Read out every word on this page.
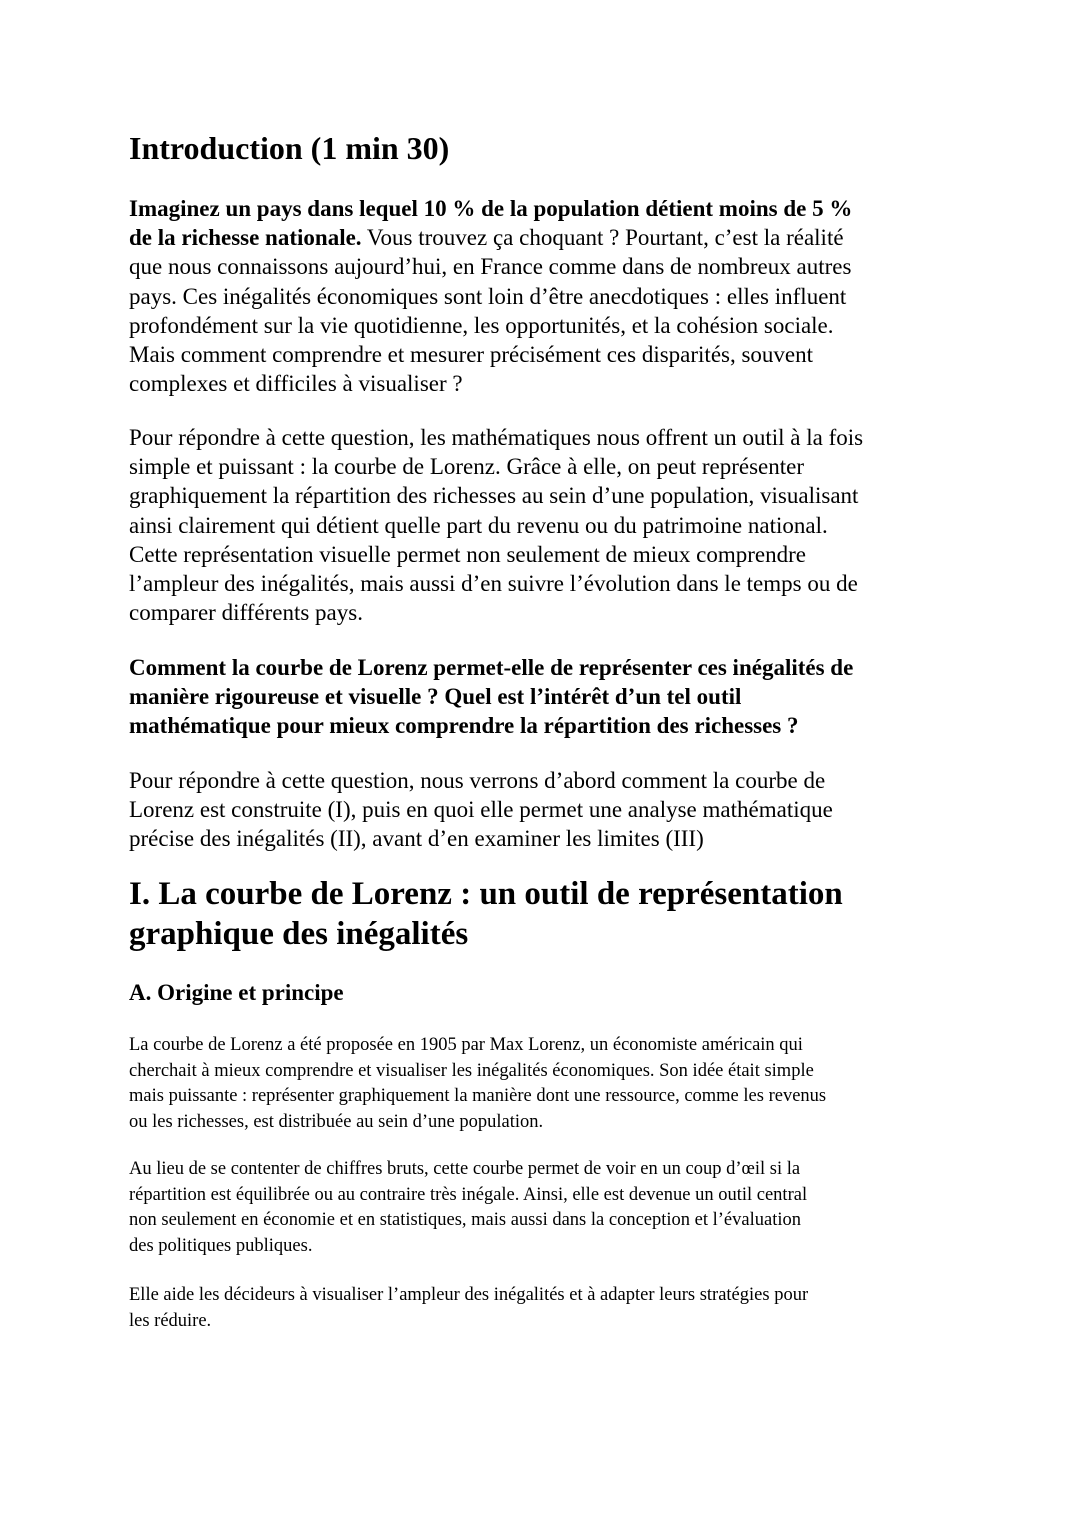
Introduction (1 min 30)

Imaginez un pays dans lequel 10 % de la population détient moins de 5 %
de la richesse nationale. Vous trouvez ça choquant ? Pourtant, c’est la réalité
que nous connaissons aujourd’hui, en France comme dans de nombreux autres
pays. Ces inégalités économiques sont loin d’être anecdotiques : elles influent
profondément sur la vie quotidienne, les opportunités, et la cohésion sociale.
Mais comment comprendre et mesurer précisément ces disparités, souvent
complexes et difficiles à visualiser ?

Pour répondre à cette question, les mathématiques nous offrent un outil à la fois
simple et puissant : la courbe de Lorenz. Grâce à elle, on peut représenter
graphiquement la répartition des richesses au sein d’une population, visualisant
ainsi clairement qui détient quelle part du revenu ou du patrimoine national.
Cette représentation visuelle permet non seulement de mieux comprendre
l’ampleur des inégalités, mais aussi d’en suivre l’évolution dans le temps ou de
comparer différents pays.

Comment la courbe de Lorenz permet-elle de représenter ces inégalités de
manière rigoureuse et visuelle ? Quel est l’intérêt d’un tel outil
mathématique pour mieux comprendre la répartition des richesses ?

Pour répondre à cette question, nous verrons d’abord comment la courbe de
Lorenz est construite (I), puis en quoi elle permet une analyse mathématique
précise des inégalités (II), avant d’en examiner les limites (III)

I. La courbe de Lorenz : un outil de représentation
graphique des inégalités
A. Origine et principe

La courbe de Lorenz a été proposée en 1905 par Max Lorenz, un économiste américain qui
cherchait à mieux comprendre et visualiser les inégalités économiques. Son idée était simple
mais puissante : représenter graphiquement la manière dont une ressource, comme les revenus
ou les richesses, est distribuée au sein d’une population.

Au lieu de se contenter de chiffres bruts, cette courbe permet de voir en un coup d’œil si la
répartition est équilibrée ou au contraire très inégale. Ainsi, elle est devenue un outil central
non seulement en économie et en statistiques, mais aussi dans la conception et l’évaluation
des politiques publiques.

Elle aide les décideurs à visualiser l’ampleur des inégalités et à adapter leurs stratégies pour
les réduire.
